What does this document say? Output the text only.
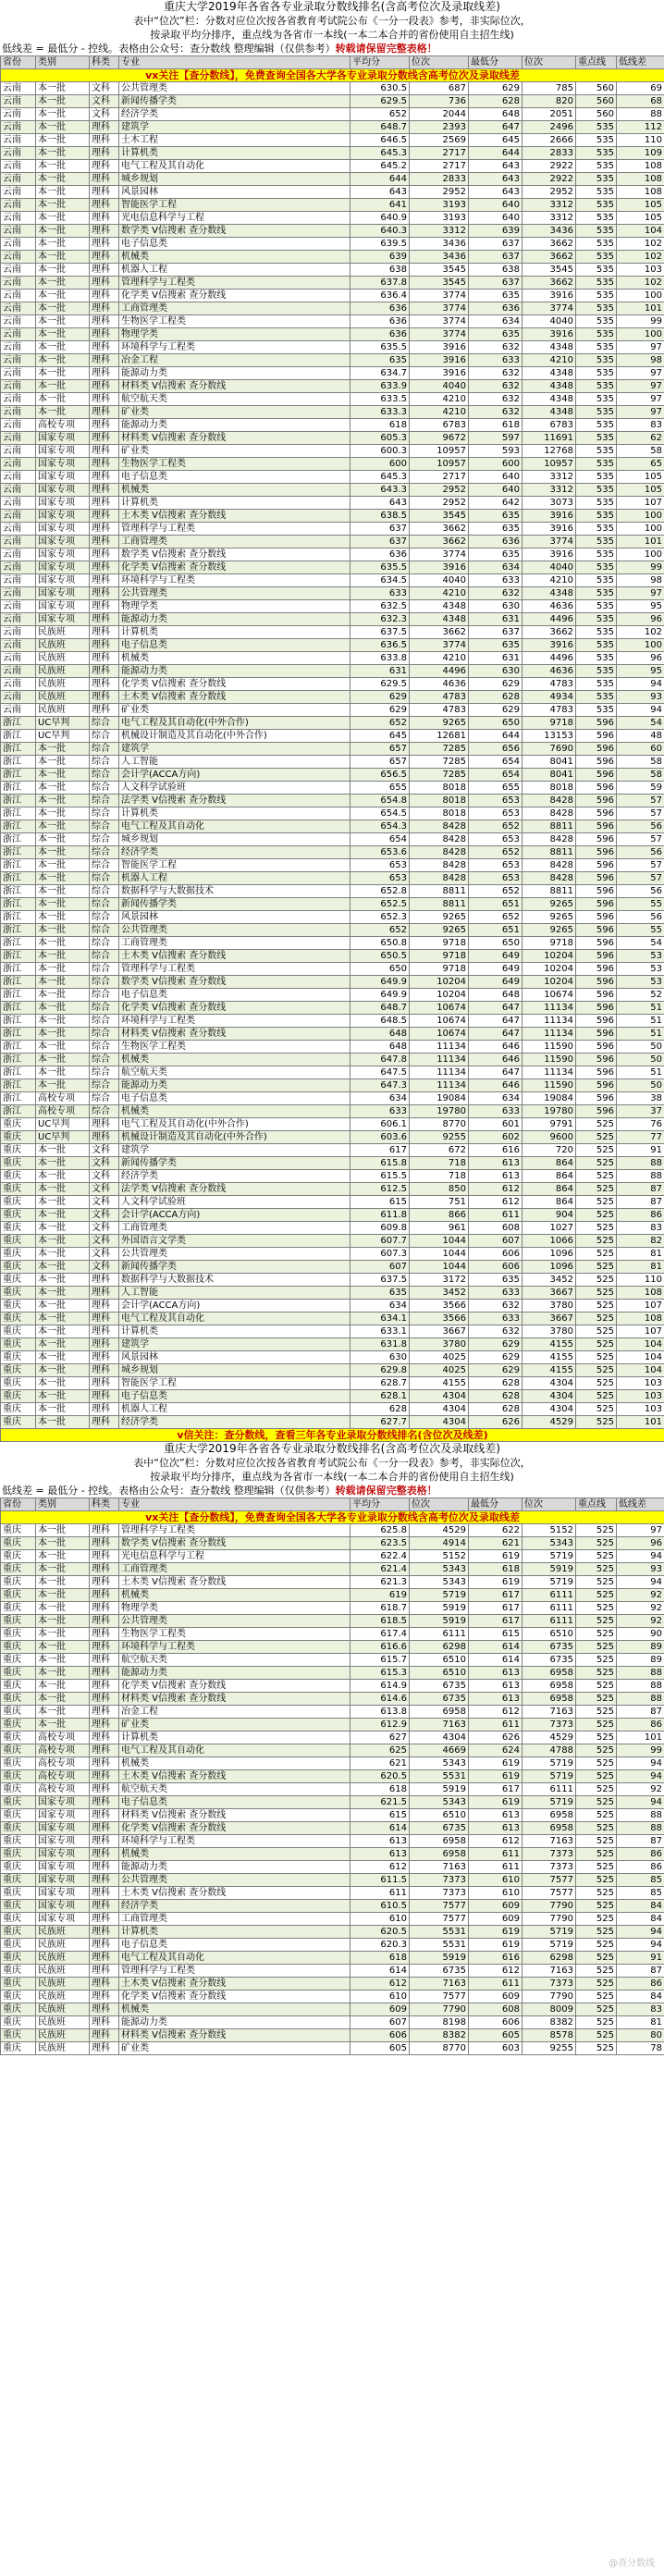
重庆大学2019年各省各专业录取分数线排名(含高考位次及录取线差)
表中“位次”栏：分数对应位次按各省教育考试院公布《一分一段表》参考，非实际位次，
按录取平均分排序，重点线为各省市一本线(一本二本合并的省份使用自主招生线)
低线差 = 最低分 - 控线。表格由公众号：查分数线 整理编辑（仅供参考）转载请保留完整表格！
省份	类别	科类	专业	平均分	位次	最低分	位次	重点线	低线差
vx关注【查分数线】，免费查询全国各大学各专业录取分数线含高考位次及录取线差									
云南	本一批	文科	公共管理类	630.5	687	629	785	560	69
云南	本一批	文科	新闻传播学类	629.5	736	628	820	560	68
云南	本一批	文科	经济学类	652	2044	648	2051	560	88
云南	本一批	理科	建筑学	648.7	2393	647	2496	535	112
云南	本一批	理科	土木工程	646.5	2569	645	2666	535	110
云南	本一批	理科	计算机类	645.3	2717	644	2833	535	109
云南	本一批	理科	电气工程及其自动化	645.2	2717	643	2922	535	108
云南	本一批	理科	城乡规划	644	2833	643	2922	535	108
云南	本一批	理科	风景园林	643	2952	643	2952	535	108
云南	本一批	理科	智能医学工程	641	3193	640	3312	535	105
云南	本一批	理科	光电信息科学与工程	640.9	3193	640	3312	535	105
云南	本一批	理科	数学类 V信搜索 查分数线	640.3	3312	639	3436	535	104
云南	本一批	理科	电子信息类	639.5	3436	637	3662	535	102
云南	本一批	理科	机械类	639	3436	637	3662	535	102
云南	本一批	理科	机器人工程	638	3545	638	3545	535	103
云南	本一批	理科	管理科学与工程类	637.8	3545	637	3662	535	102
云南	本一批	理科	化学类 V信搜索 查分数线	636.4	3774	635	3916	535	100
云南	本一批	理科	工商管理类	636	3774	636	3774	535	101
云南	本一批	理科	生物医学工程类	636	3774	634	4040	535	99
云南	本一批	理科	物理学类	636	3774	635	3916	535	100
云南	本一批	理科	环境科学与工程类	635.5	3916	632	4348	535	97
云南	本一批	理科	冶金工程	635	3916	633	4210	535	98
云南	本一批	理科	能源动力类	634.7	3916	632	4348	535	97
云南	本一批	理科	材料类 V信搜索 查分数线	633.9	4040	632	4348	535	97
云南	本一批	理科	航空航天类	633.5	4210	632	4348	535	97
云南	本一批	理科	矿业类	633.3	4210	632	4348	535	97
云南	高校专项	理科	能源动力类	618	6783	618	6783	535	83
云南	国家专项	理科	材料类 V信搜索 查分数线	605.3	9672	597	11691	535	62
云南	国家专项	理科	矿业类	600.3	10957	593	12768	535	58
云南	国家专项	理科	生物医学工程类	600	10957	600	10957	535	65
云南	国家专项	理科	电子信息类	645.3	2717	640	3312	535	105
云南	国家专项	理科	机械类	643.3	2952	640	3312	535	105
云南	国家专项	理科	计算机类	643	2952	642	3073	535	107
云南	国家专项	理科	土木类 V信搜索 查分数线	638.5	3545	635	3916	535	100
云南	国家专项	理科	管理科学与工程类	637	3662	635	3916	535	100
云南	国家专项	理科	工商管理类	637	3662	636	3774	535	101
云南	国家专项	理科	数学类 V信搜索 查分数线	636	3774	635	3916	535	100
云南	国家专项	理科	化学类 V信搜索 查分数线	635.5	3916	634	4040	535	99
云南	国家专项	理科	环境科学与工程类	634.5	4040	633	4210	535	98
云南	国家专项	理科	公共管理类	633	4210	632	4348	535	97
云南	国家专项	理科	物理学类	632.5	4348	630	4636	535	95
云南	国家专项	理科	能源动力类	632.3	4348	631	4496	535	96
云南	民族班	理科	计算机类	637.5	3662	637	3662	535	102
云南	民族班	理科	电子信息类	636.5	3774	635	3916	535	100
云南	民族班	理科	机械类	633.8	4210	631	4496	535	96
云南	民族班	理科	能源动力类	631	4496	630	4636	535	95
云南	民族班	理科	化学类 V信搜索 查分数线	629.5	4636	629	4783	535	94
云南	民族班	理科	土木类 V信搜索 查分数线	629	4783	628	4934	535	93
云南	民族班	理科	矿业类	629	4783	629	4783	535	94
浙江	UC早判	综合	电气工程及其自动化(中外合作)	652	9265	650	9718	596	54
浙江	UC早判	综合	机械设计制造及其自动化(中外合作)	645	12681	644	13153	596	48
浙江	本一批	综合	建筑学	657	7285	656	7690	596	60
浙江	本一批	综合	人工智能	657	7285	654	8041	596	58
浙江	本一批	综合	会计学(ACCA方向)	656.5	7285	654	8041	596	58
浙江	本一批	综合	人文科学试验班	655	8018	655	8018	596	59
浙江	本一批	综合	法学类 V信搜索 查分数线	654.8	8018	653	8428	596	57
浙江	本一批	综合	计算机类	654.5	8018	653	8428	596	57
浙江	本一批	综合	电气工程及其自动化	654.3	8428	652	8811	596	56
浙江	本一批	综合	城乡规划	654	8428	653	8428	596	57
浙江	本一批	综合	经济学类	653.6	8428	652	8811	596	56
浙江	本一批	综合	智能医学工程	653	8428	653	8428	596	57
浙江	本一批	综合	机器人工程	653	8428	653	8428	596	57
浙江	本一批	综合	数据科学与大数据技术	652.8	8811	652	8811	596	56
浙江	本一批	综合	新闻传播学类	652.5	8811	651	9265	596	55
浙江	本一批	综合	风景园林	652.3	9265	652	9265	596	56
浙江	本一批	综合	公共管理类	652	9265	651	9265	596	55
浙江	本一批	综合	工商管理类	650.8	9718	650	9718	596	54
浙江	本一批	综合	土木类 V信搜索 查分数线	650.5	9718	649	10204	596	53
浙江	本一批	综合	管理科学与工程类	650	9718	649	10204	596	53
浙江	本一批	综合	数学类 V信搜索 查分数线	649.9	10204	649	10204	596	53
浙江	本一批	综合	电子信息类	649.9	10204	648	10674	596	52
浙江	本一批	综合	化学类 V信搜索 查分数线	648.7	10674	647	11134	596	51
浙江	本一批	综合	环境科学与工程类	648.5	10674	647	11134	596	51
浙江	本一批	综合	材料类 V信搜索 查分数线	648	10674	647	11134	596	51
浙江	本一批	综合	生物医学工程类	648	11134	646	11590	596	50
浙江	本一批	综合	机械类	647.8	11134	646	11590	596	50
浙江	本一批	综合	航空航天类	647.5	11134	647	11134	596	51
浙江	本一批	综合	能源动力类	647.3	11134	646	11590	596	50
浙江	高校专项	综合	电子信息类	634	19084	634	19084	596	38
浙江	高校专项	综合	机械类	633	19780	633	19780	596	37
重庆	UC早判	理科	电气工程及其自动化(中外合作)	606.1	8770	601	9791	525	76
重庆	UC早判	理科	机械设计制造及其自动化(中外合作)	603.6	9255	602	9600	525	77
重庆	本一批	文科	建筑学	617	672	616	720	525	91
重庆	本一批	文科	新闻传播学类	615.8	718	613	864	525	88
重庆	本一批	文科	经济学类	615.5	718	613	864	525	88
重庆	本一批	文科	法学类 V信搜索 查分数线	612.5	850	612	864	525	87
重庆	本一批	文科	人文科学试验班	615	751	612	864	525	87
重庆	本一批	文科	会计学(ACCA方向)	611.8	866	611	904	525	86
重庆	本一批	文科	工商管理类	609.8	961	608	1027	525	83
重庆	本一批	文科	外国语言文学类	607.7	1044	607	1066	525	82
重庆	本一批	文科	公共管理类	607.3	1044	606	1096	525	81
重庆	本一批	文科	新闻传播学类	607	1044	606	1096	525	81
重庆	本一批	理科	数据科学与大数据技术	637.5	3172	635	3452	525	110
重庆	本一批	理科	人工智能	635	3452	633	3667	525	108
重庆	本一批	理科	会计学(ACCA方向)	634	3566	632	3780	525	107
重庆	本一批	理科	电气工程及其自动化	634.1	3566	633	3667	525	108
重庆	本一批	理科	计算机类	633.1	3667	632	3780	525	107
重庆	本一批	理科	建筑学	631.8	3780	629	4155	525	104
重庆	本一批	理科	风景园林	630	4025	629	4155	525	104
重庆	本一批	理科	城乡规划	629.8	4025	629	4155	525	104
重庆	本一批	理科	智能医学工程	628.7	4155	628	4304	525	103
重庆	本一批	理科	电子信息类	628.1	4304	628	4304	525	103
重庆	本一批	理科	机器人工程	628	4304	628	4304	525	103
重庆	本一批	理科	经济学类	627.7	4304	626	4529	525	101
v信关注：查分数线，查看三年各专业录取分数线排名(含位次及线差)									
重庆大学2019年各省各专业录取分数线排名(含高考位次及录取线差)
表中“位次”栏：分数对应位次按各省教育考试院公布《一分一段表》参考，非实际位次，
按录取平均分排序，重点线为各省市一本线(一本二本合并的省份使用自主招生线)
低线差 = 最低分 - 控线。表格由公众号：查分数线 整理编辑（仅供参考）转载请保留完整表格！
省份	类别	科类	专业	平均分	位次	最低分	位次	重点线	低线差
vx关注【查分数线】，免费查询全国各大学各专业录取分数线含高考位次及录取线差									
重庆	本一批	理科	管理科学与工程类	625.8	4529	622	5152	525	97
重庆	本一批	理科	数学类 V信搜索 查分数线	623.5	4914	621	5343	525	96
重庆	本一批	理科	光电信息科学与工程	622.4	5152	619	5719	525	94
重庆	本一批	理科	工商管理类	621.4	5343	618	5919	525	93
重庆	本一批	理科	土木类 V信搜索 查分数线	621.3	5343	619	5719	525	94
重庆	本一批	理科	机械类	619	5719	617	6111	525	92
重庆	本一批	理科	物理学类	618.7	5919	617	6111	525	92
重庆	本一批	理科	公共管理类	618.5	5919	617	6111	525	92
重庆	本一批	理科	生物医学工程类	617.4	6111	615	6510	525	90
重庆	本一批	理科	环境科学与工程类	616.6	6298	614	6735	525	89
重庆	本一批	理科	航空航天类	615.7	6510	614	6735	525	89
重庆	本一批	理科	能源动力类	615.3	6510	613	6958	525	88
重庆	本一批	理科	化学类 V信搜索 查分数线	614.9	6735	613	6958	525	88
重庆	本一批	理科	材料类 V信搜索 查分数线	614.6	6735	613	6958	525	88
重庆	本一批	理科	冶金工程	613.8	6958	612	7163	525	87
重庆	本一批	理科	矿业类	612.9	7163	611	7373	525	86
重庆	高校专项	理科	计算机类	627	4304	626	4529	525	101
重庆	高校专项	理科	电气工程及其自动化	625	4669	624	4788	525	99
重庆	高校专项	理科	机械类	621	5343	619	5719	525	94
重庆	高校专项	理科	土木类 V信搜索 查分数线	620.5	5531	619	5719	525	94
重庆	高校专项	理科	航空航天类	618	5919	617	6111	525	92
重庆	国家专项	理科	电子信息类	621.5	5343	619	5719	525	94
重庆	国家专项	理科	材料类 V信搜索 查分数线	615	6510	613	6958	525	88
重庆	国家专项	理科	化学类 V信搜索 查分数线	614	6735	613	6958	525	88
重庆	国家专项	理科	环境科学与工程类	613	6958	612	7163	525	87
重庆	国家专项	理科	机械类	613	6958	611	7373	525	86
重庆	国家专项	理科	能源动力类	612	7163	611	7373	525	86
重庆	国家专项	理科	公共管理类	611.5	7373	610	7577	525	85
重庆	国家专项	理科	土木类 V信搜索 查分数线	611	7373	610	7577	525	85
重庆	国家专项	理科	经济学类	610.5	7577	609	7790	525	84
重庆	国家专项	理科	工商管理类	610	7577	609	7790	525	84
重庆	民族班	理科	计算机类	620.5	5531	619	5719	525	94
重庆	民族班	理科	电子信息类	620.3	5531	619	5719	525	94
重庆	民族班	理科	电气工程及其自动化	618	5919	616	6298	525	91
重庆	民族班	理科	管理科学与工程类	614	6735	612	7163	525	87
重庆	民族班	理科	土木类 V信搜索 查分数线	612	7163	611	7373	525	86
重庆	民族班	理科	化学类 V信搜索 查分数线	610	7577	609	7790	525	84
重庆	民族班	理科	机械类	609	7790	608	8009	525	83
重庆	民族班	理科	能源动力类	607	8198	606	8382	525	81
重庆	民族班	理科	材料类 V信搜索 查分数线	606	8382	605	8578	525	80
重庆	民族班	理科	矿业类	605	8770	603	9255	525	78
@查分数线
